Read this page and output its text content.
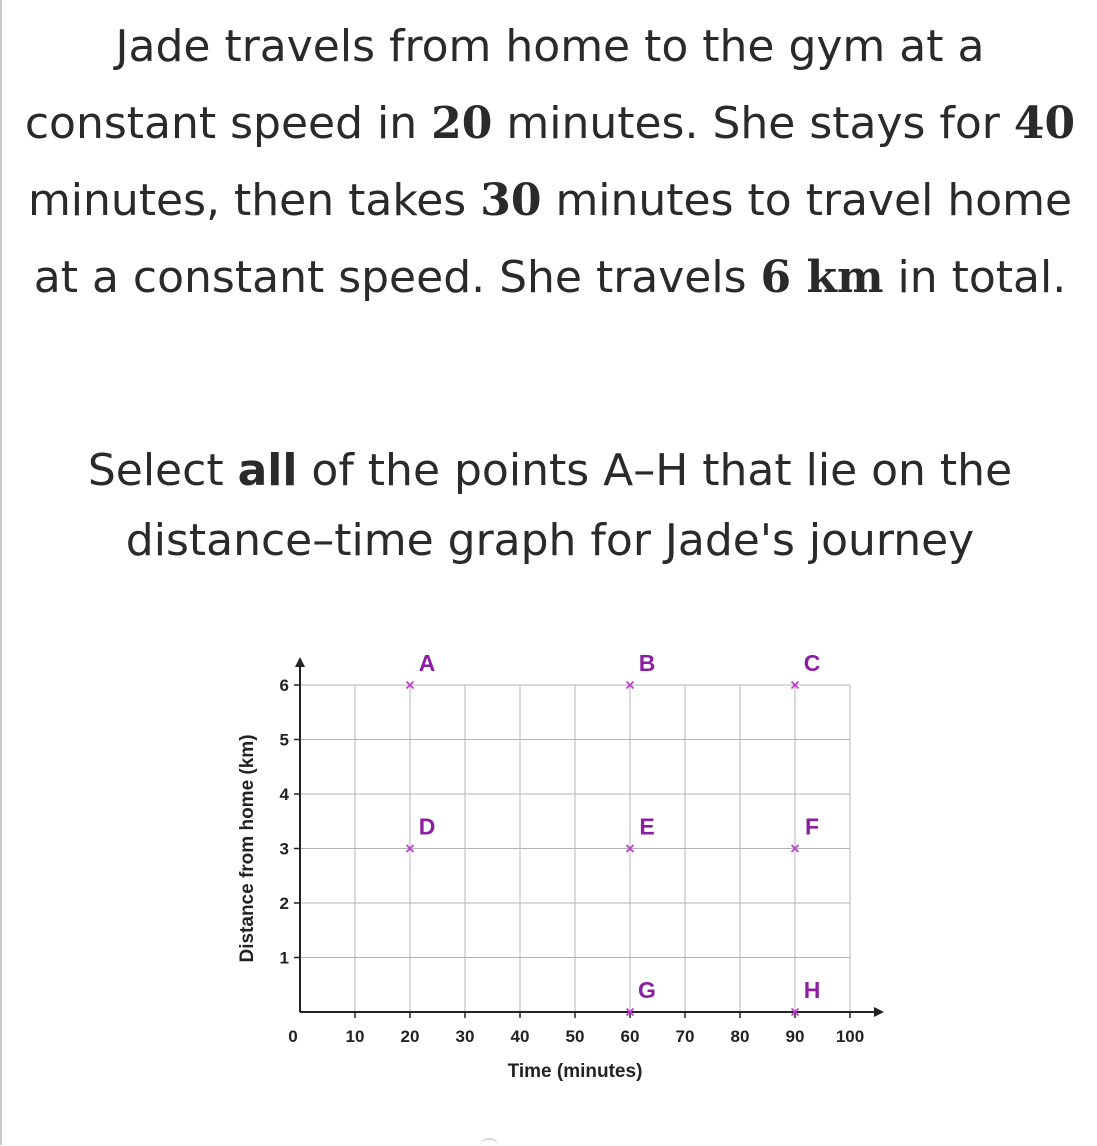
Jade travels from home to the gym at a constant speed in 20 minutes. She stays for 40 minutes, then takes 30 minutes to travel home at a constant speed. She travels 6 km in total.

Select all of the points A–H that lie on the distance–time graph for Jade's journey

0	10 20 30 40 50 60 70 80 90 100
1
2
3
4
5
6
Time (minutes)
Distance from home (km)
A	B	C
D	E	F
G	H
